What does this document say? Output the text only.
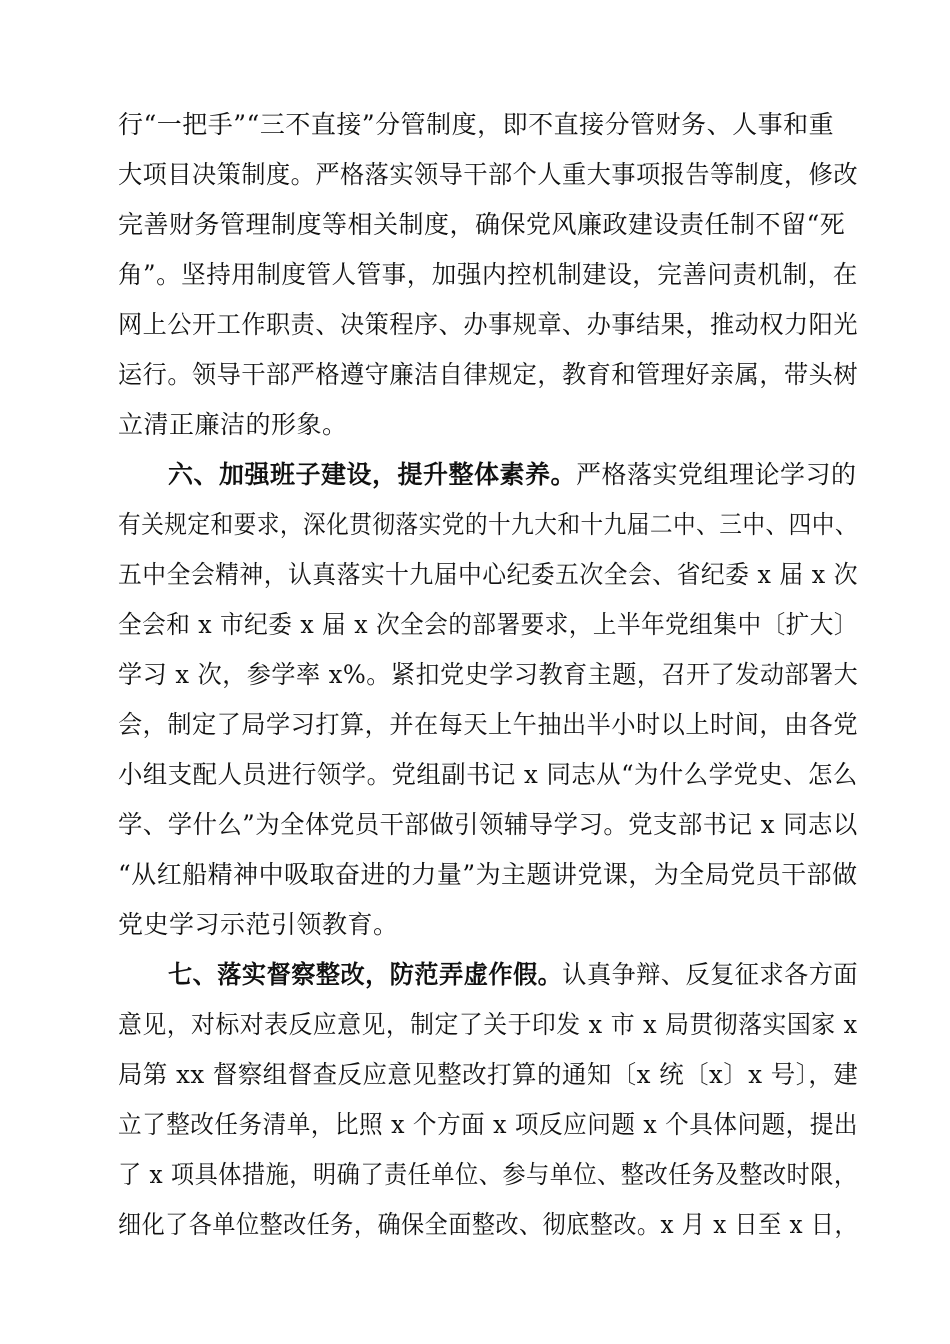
行“一把手”“三不直接”分管制度，即不直接分管财务、人事和重
大项目决策制度。严格落实领导干部个人重大事项报告等制度，修改
完善财务管理制度等相关制度，确保党风廉政建设责任制不留“死
角”。坚持用制度管人管事，加强内控机制建设，完善问责机制，在
网上公开工作职责、决策程序、办事规章、办事结果，推动权力阳光
运行。领导干部严格遵守廉洁自律规定，教育和管理好亲属，带头树
立清正廉洁的形象。
六、加强班子建设，提升整体素养。严格落实党组理论学习的
有关规定和要求，深化贯彻落实党的十九大和十九届二中、三中、四中、
五中全会精神，认真落实十九届中心纪委五次全会、省纪委 x 届 x 次
全会和 x 市纪委 x 届 x 次全会的部署要求，上半年党组集中〔扩大〕
学习 x 次，参学率 x%。紧扣党史学习教育主题，召开了发动部署大
会，制定了局学习打算，并在每天上午抽出半小时以上时间，由各党
小组支配人员进行领学。党组副书记 x 同志从“为什么学党史、怎么
学、学什么”为全体党员干部做引领辅导学习。党支部书记 x 同志以
“从红船精神中吸取奋进的力量”为主题讲党课，为全局党员干部做
党史学习示范引领教育。
七、落实督察整改，防范弄虚作假。认真争辩、反复征求各方面
意见，对标对表反应意见，制定了关于印发 x 市 x 局贯彻落实国家 x
局第 xx 督察组督查反应意见整改打算的通知〔x 统〔x〕x 号〕，建
立了整改任务清单，比照 x 个方面 x 项反应问题 x 个具体问题，提出
了 x 项具体措施，明确了责任单位、参与单位、整改任务及整改时限，
细化了各单位整改任务，确保全面整改、彻底整改。x 月 x 日至 x 日，
